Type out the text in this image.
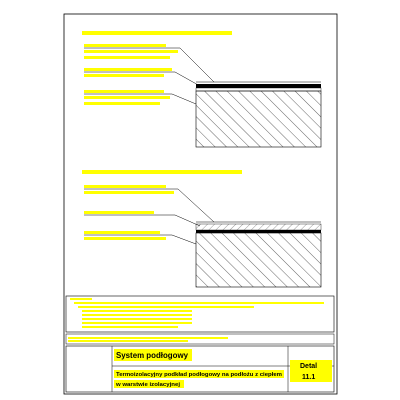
System podłogowy
Termoizolacyjny podkład podłogowy na podłożu z ciepłem
w warstwie izolacyjnej
Detal
11.1
